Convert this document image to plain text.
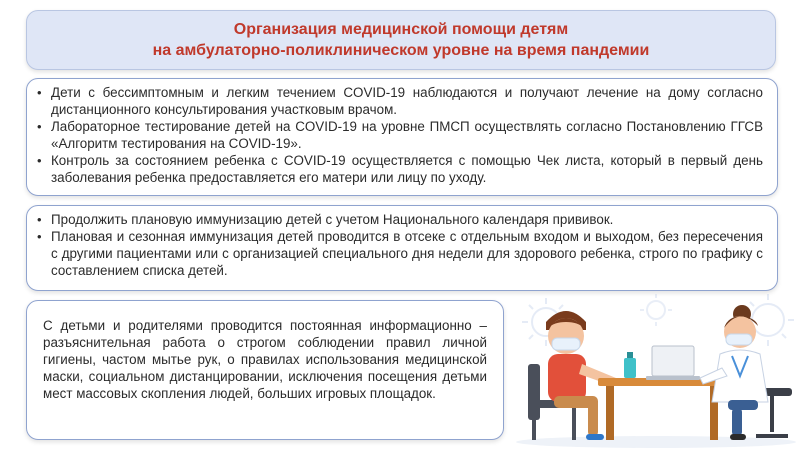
Организация медицинской помощи детям
на амбулаторно-поликлиническом уровне на время пандемии
• Дети с бессимптомным и легким течением COVID-19 наблюдаются и получают лечение на дому согласно дистанционного консультирования участковым врачом.
• Лабораторное тестирование детей на COVID-19 на уровне ПМСП осуществлять согласно Постановлению ГГСВ «Алгоритм тестирования на COVID-19».
• Контроль за состоянием ребенка с COVID-19 осуществляется с помощью Чек листа, который в первый день заболевания ребенка предоставляется его матери или лицу по уходу.
• Продолжить плановую иммунизацию детей с учетом Национального календаря прививок.
• Плановая и сезонная иммунизация детей проводится в отсеке с отдельным входом и выходом, без пересечения с другими пациентами или с организацией специального дня недели для здорового ребенка, строго по графику с составлением списка детей.

С детьми и родителями проводится постоянная информационно – разъяснительная работа о строгом соблюдении правил личной гигиены, частом мытье рук, о правилах использования медицинской маски, социальном дистанцировании, исключения посещения детьми мест массовых скопления людей, больших игровых площадок.
